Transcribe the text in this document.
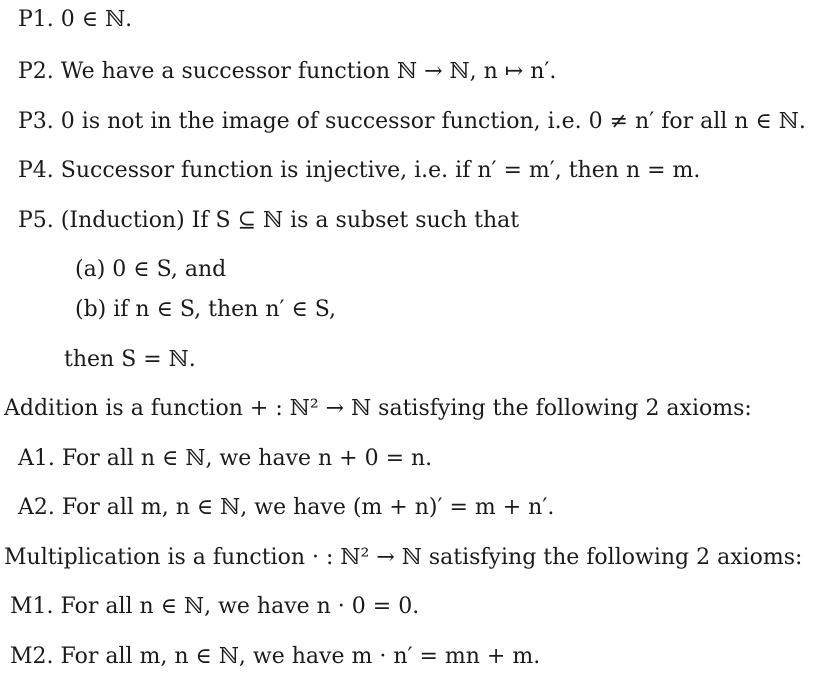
P1. 0 ∈ ℕ.
P2. We have a successor function ℕ → ℕ, n ↦ n′.
P3. 0 is not in the image of successor function, i.e. 0 ≠ n′ for all n ∈ ℕ.
P4. Successor function is injective, i.e. if n′ = m′, then n = m.
P5. (Induction) If S ⊆ ℕ is a subset such that
(a) 0 ∈ S, and
(b) if n ∈ S, then n′ ∈ S,
then S = ℕ.
Addition is a function + : ℕ² → ℕ satisfying the following 2 axioms:
A1. For all n ∈ ℕ, we have n + 0 = n.
A2. For all m, n ∈ ℕ, we have (m + n)′ = m + n′.
Multiplication is a function · : ℕ² → ℕ satisfying the following 2 axioms:
M1. For all n ∈ ℕ, we have n · 0 = 0.
M2. For all m, n ∈ ℕ, we have m · n′ = mn + m.
